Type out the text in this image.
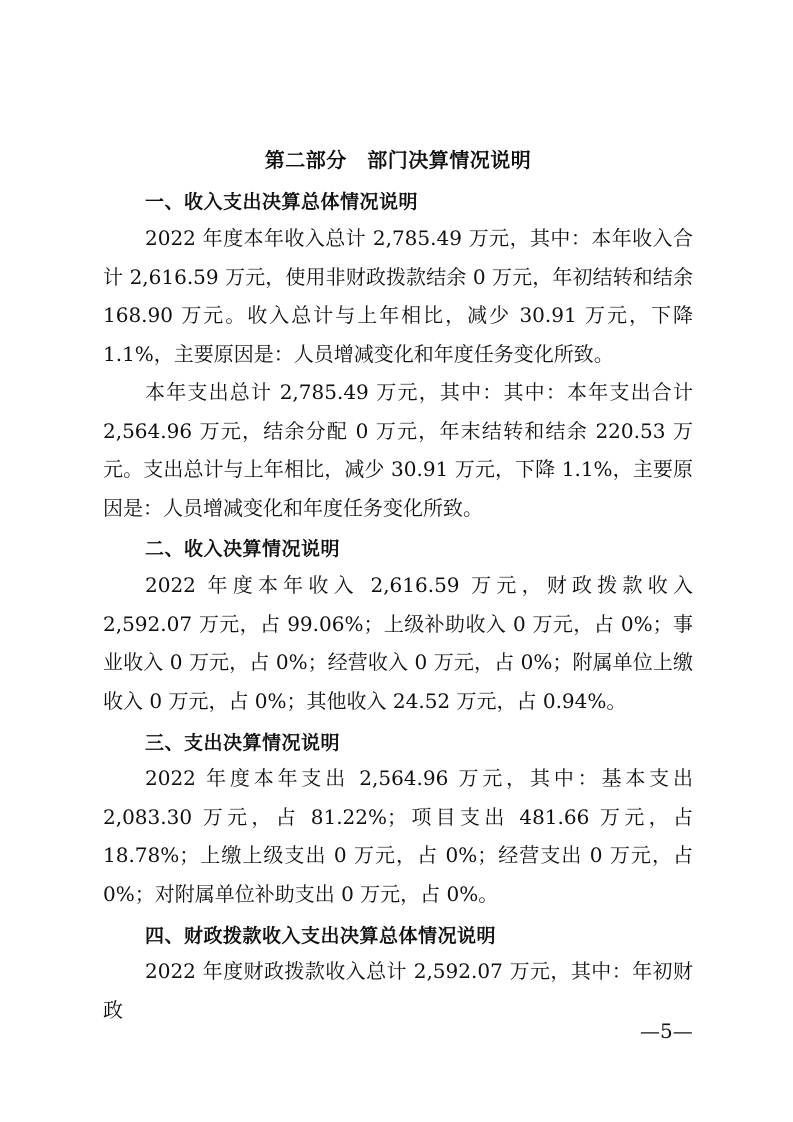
第二部分　部门决算情况说明
一、收入支出决算总体情况说明
2022 年度本年收入总计 2,785.49 万元，其中：本年收入合计 2,616.59 万元，使用非财政拨款结余 0 万元，年初结转和结余 168.90 万元。收入总计与上年相比，减少 30.91 万元，下降 1.1%，主要原因是：人员增减变化和年度任务变化所致。
本年支出总计 2,785.49 万元，其中：其中：本年支出合计 2,564.96 万元，结余分配 0 万元，年末结转和结余 220.53 万元。支出总计与上年相比，减少 30.91 万元，下降 1.1%，主要原因是：人员增减变化和年度任务变化所致。
二、收入决算情况说明
2022 年度本年收入 2,616.59 万元，财政拨款收入 2,592.07 万元，占 99.06%；上级补助收入 0 万元，占 0%；事业收入 0 万元，占 0%；经营收入 0 万元，占 0%；附属单位上缴收入 0 万元，占 0%；其他收入 24.52 万元，占 0.94%。
三、支出决算情况说明
2022 年度本年支出 2,564.96 万元，其中：基本支出 2,083.30 万元，占 81.22%；项目支出 481.66 万元，占 18.78%；上缴上级支出 0 万元，占 0%；经营支出 0 万元，占 0%；对附属单位补助支出 0 万元，占 0%。
四、财政拨款收入支出决算总体情况说明
2022 年度财政拨款收入总计 2,592.07 万元，其中：年初财政
—5—
